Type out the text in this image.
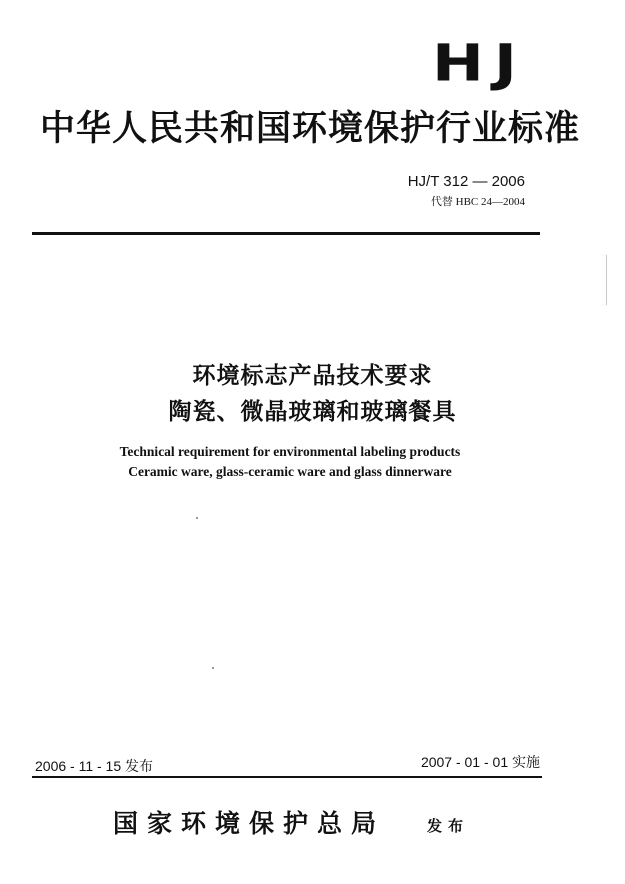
HJ
中华人民共和国环境保护行业标准
HJ/T 312 — 2006
代替 HBC 24—2004
环境标志产品技术要求
陶瓷、微晶玻璃和玻璃餐具
Technical requirement for environmental labeling products
Ceramic ware, glass-ceramic ware and glass dinnerware
2006 - 11 - 15 发布	2007 - 01 - 01 实施
国家环境保护总局	发布
